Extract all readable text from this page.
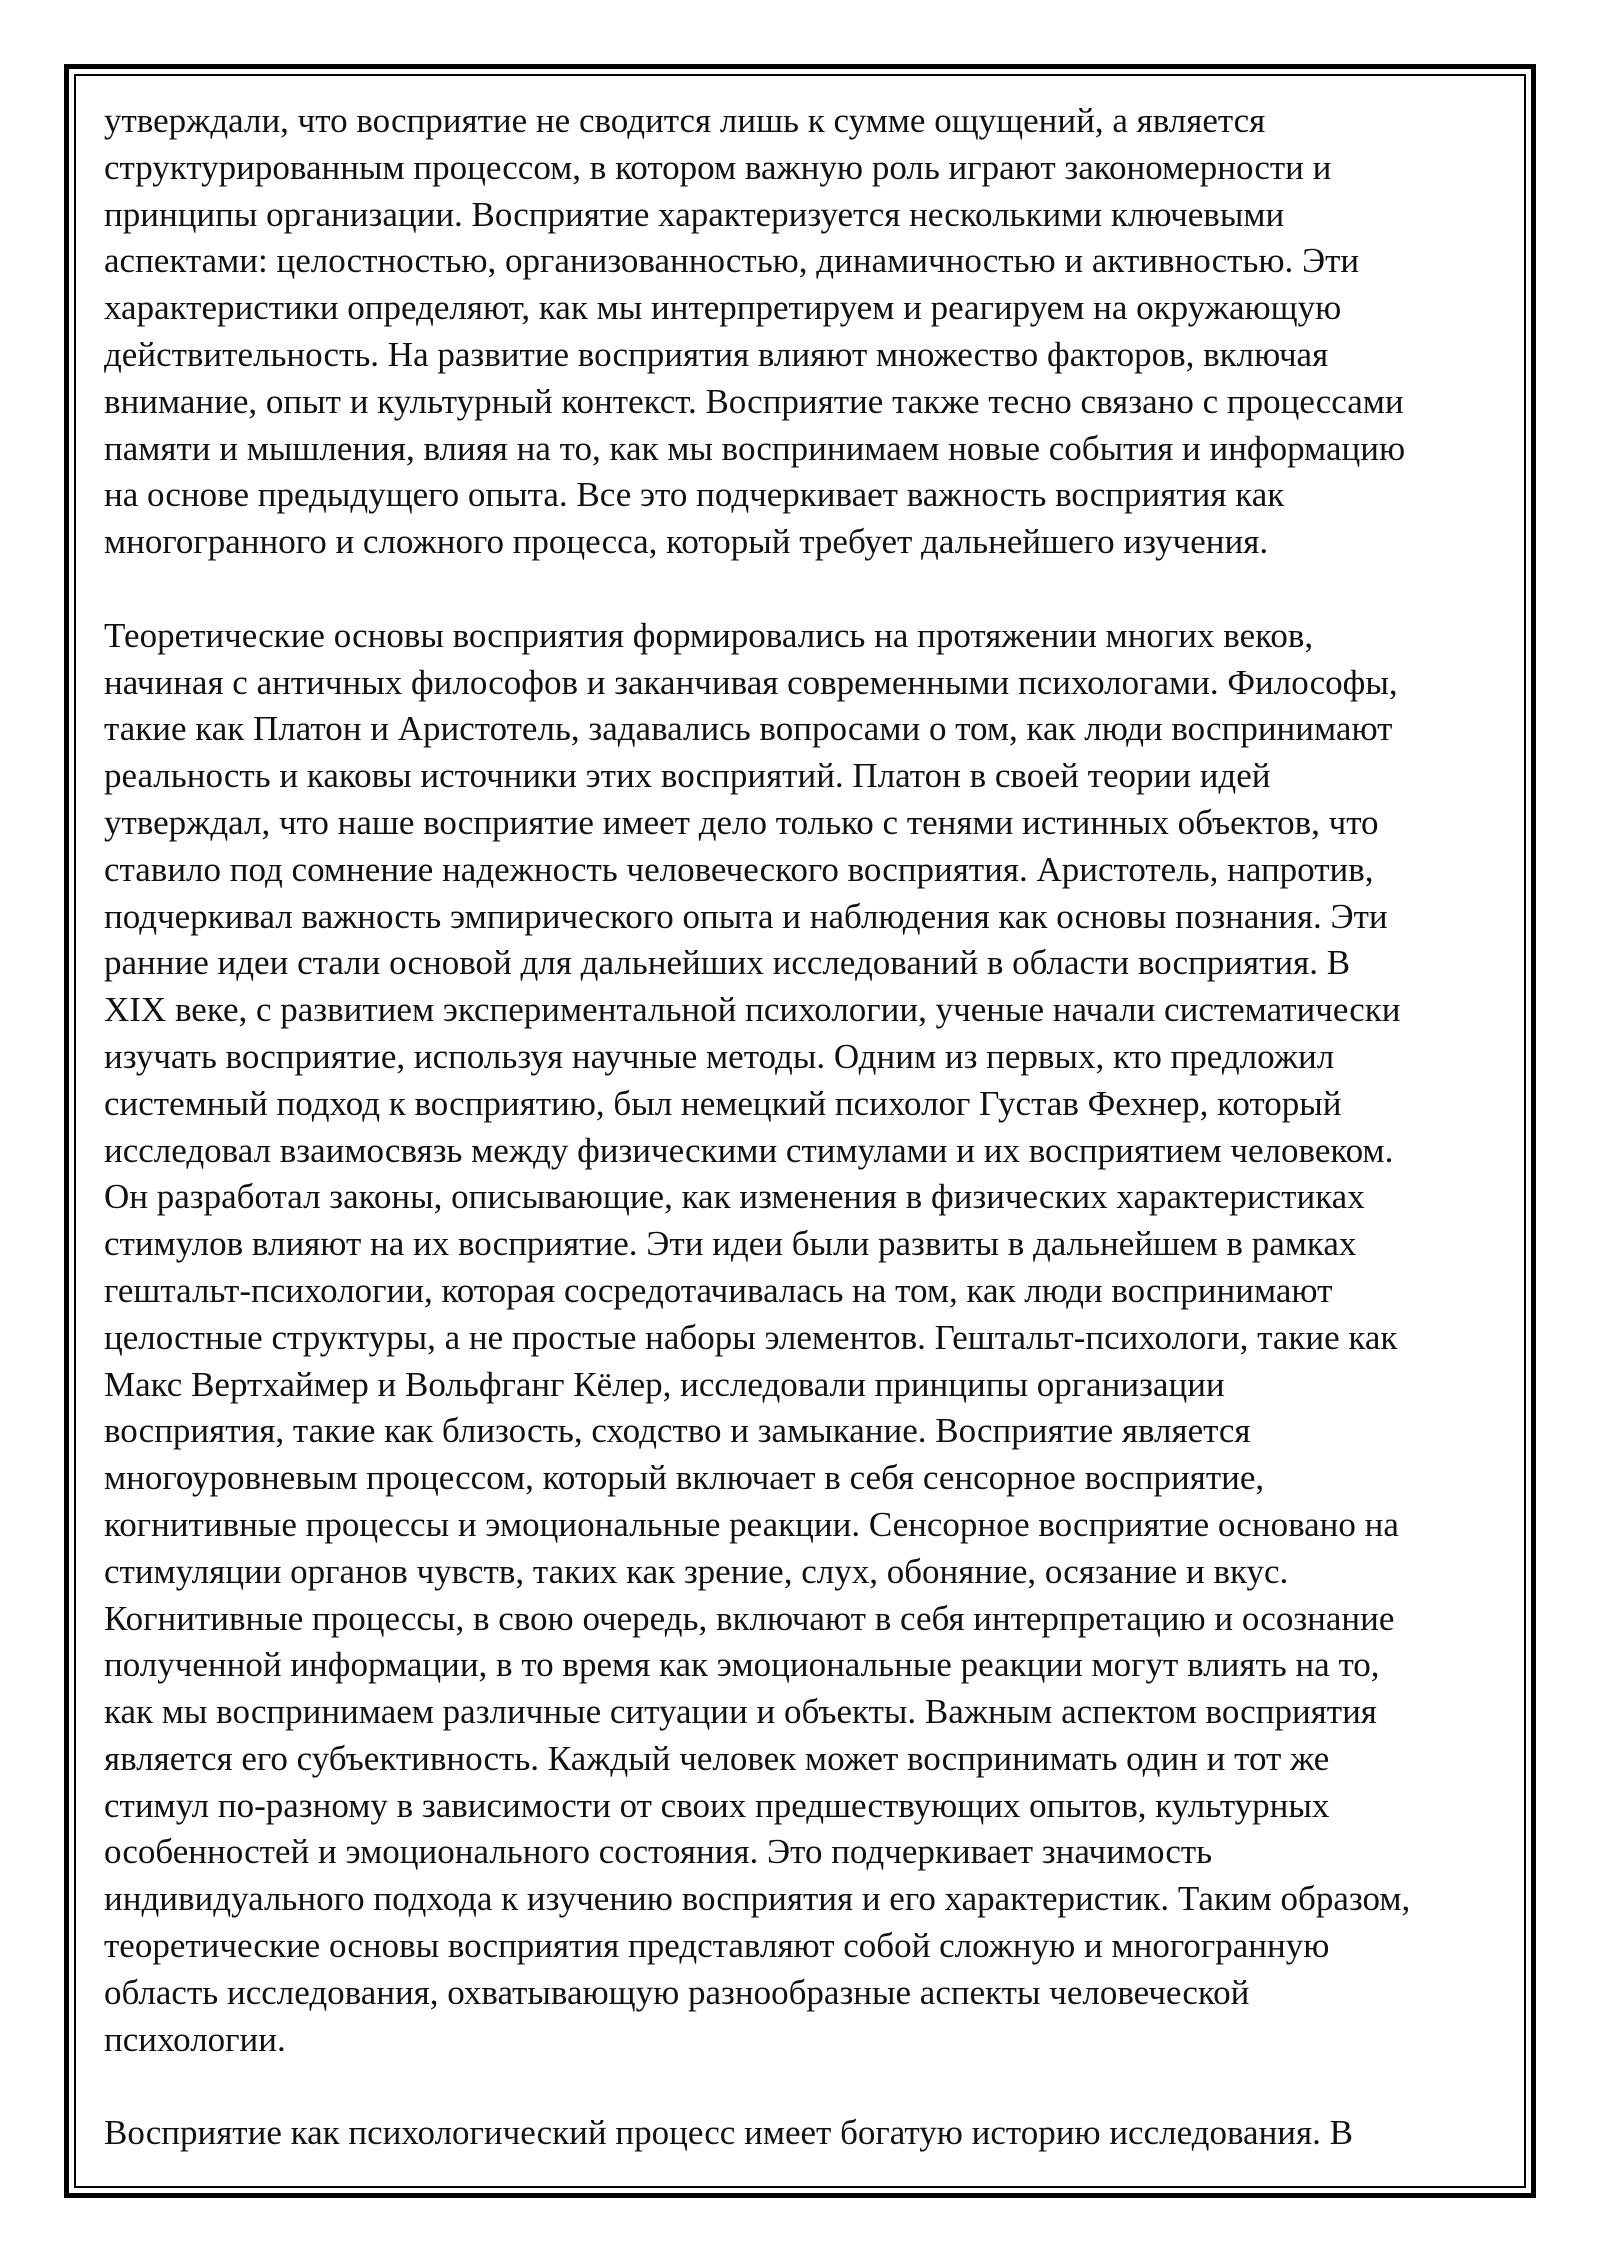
утверждали, что восприятие не сводится лишь к сумме ощущений, а является
структурированным процессом, в котором важную роль играют закономерности и
принципы организации. Восприятие характеризуется несколькими ключевыми
аспектами: целостностью, организованностью, динамичностью и активностью. Эти
характеристики определяют, как мы интерпретируем и реагируем на окружающую
действительность. На развитие восприятия влияют множество факторов, включая
внимание, опыт и культурный контекст. Восприятие также тесно связано с процессами
памяти и мышления, влияя на то, как мы воспринимаем новые события и информацию
на основе предыдущего опыта. Все это подчеркивает важность восприятия как
многогранного и сложного процесса, который требует дальнейшего изучения.
Теоретические основы восприятия формировались на протяжении многих веков,
начиная с античных философов и заканчивая современными психологами. Философы,
такие как Платон и Аристотель, задавались вопросами о том, как люди воспринимают
реальность и каковы источники этих восприятий. Платон в своей теории идей
утверждал, что наше восприятие имеет дело только с тенями истинных объектов, что
ставило под сомнение надежность человеческого восприятия. Аристотель, напротив,
подчеркивал важность эмпирического опыта и наблюдения как основы познания. Эти
ранние идеи стали основой для дальнейших исследований в области восприятия. В
XIX веке, с развитием экспериментальной психологии, ученые начали систематически
изучать восприятие, используя научные методы. Одним из первых, кто предложил
системный подход к восприятию, был немецкий психолог Густав Фехнер, который
исследовал взаимосвязь между физическими стимулами и их восприятием человеком.
Он разработал законы, описывающие, как изменения в физических характеристиках
стимулов влияют на их восприятие. Эти идеи были развиты в дальнейшем в рамках
гештальт-психологии, которая сосредотачивалась на том, как люди воспринимают
целостные структуры, а не простые наборы элементов. Гештальт-психологи, такие как
Макс Вертхаймер и Вольфганг Кёлер, исследовали принципы организации
восприятия, такие как близость, сходство и замыкание. Восприятие является
многоуровневым процессом, который включает в себя сенсорное восприятие,
когнитивные процессы и эмоциональные реакции. Сенсорное восприятие основано на
стимуляции органов чувств, таких как зрение, слух, обоняние, осязание и вкус.
Когнитивные процессы, в свою очередь, включают в себя интерпретацию и осознание
полученной информации, в то время как эмоциональные реакции могут влиять на то,
как мы воспринимаем различные ситуации и объекты. Важным аспектом восприятия
является его субъективность. Каждый человек может воспринимать один и тот же
стимул по-разному в зависимости от своих предшествующих опытов, культурных
особенностей и эмоционального состояния. Это подчеркивает значимость
индивидуального подхода к изучению восприятия и его характеристик. Таким образом,
теоретические основы восприятия представляют собой сложную и многогранную
область исследования, охватывающую разнообразные аспекты человеческой
психологии.
Восприятие как психологический процесс имеет богатую историю исследования. В
